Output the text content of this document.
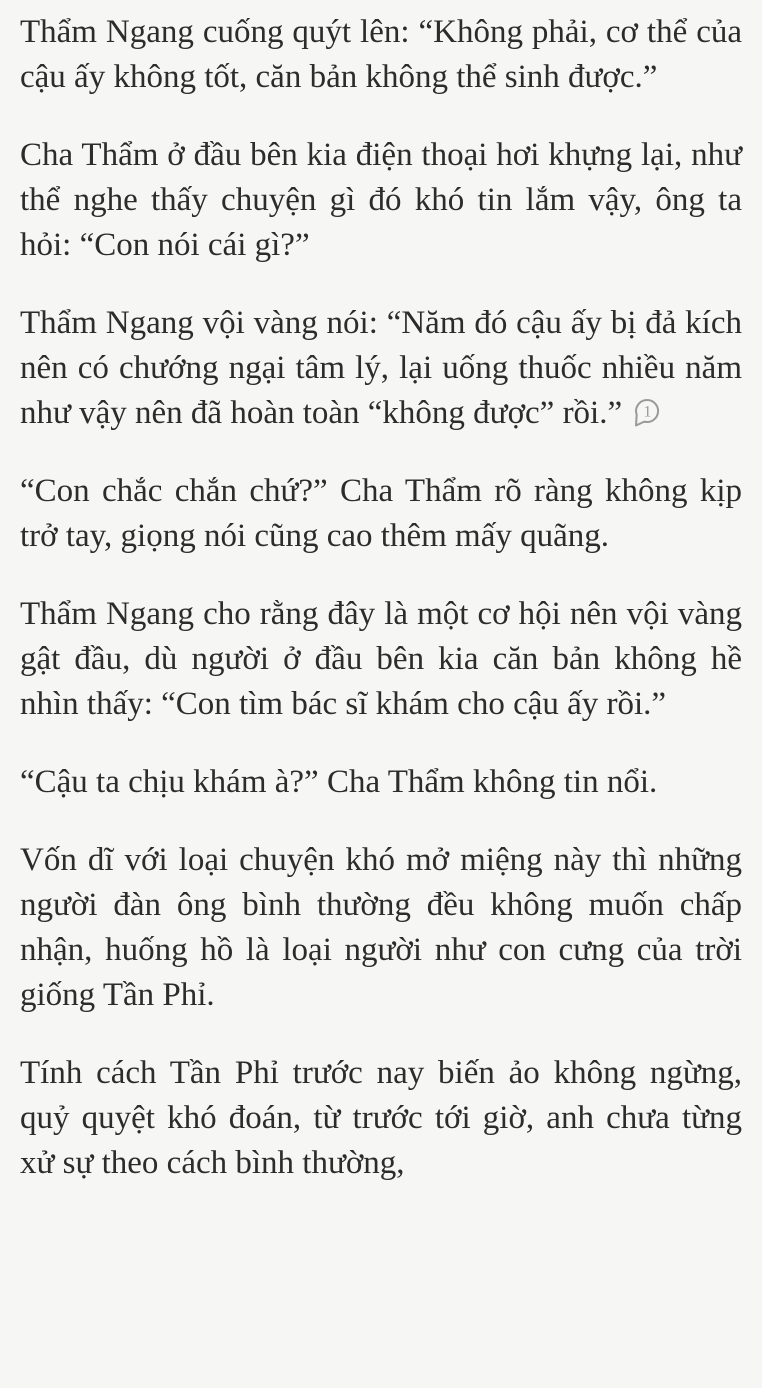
Thẩm Ngang cuống quýt lên: “Không phải, cơ thể của cậu ấy không tốt, căn bản không thể sinh được.”

Cha Thẩm ở đầu bên kia điện thoại hơi khựng lại, như thể nghe thấy chuyện gì đó khó tin lắm vậy, ông ta hỏi: “Con nói cái gì?”

Thẩm Ngang vội vàng nói: “Năm đó cậu ấy bị đả kích nên có chướng ngại tâm lý, lại uống thuốc nhiều năm như vậy nên đã hoàn toàn “không được” rồi.” 1

“Con chắc chắn chứ?” Cha Thẩm rõ ràng không kịp trở tay, giọng nói cũng cao thêm mấy quãng.

Thẩm Ngang cho rằng đây là một cơ hội nên vội vàng gật đầu, dù người ở đầu bên kia căn bản không hề nhìn thấy: “Con tìm bác sĩ khám cho cậu ấy rồi.”

“Cậu ta chịu khám à?” Cha Thẩm không tin nổi.

Vốn dĩ với loại chuyện khó mở miệng này thì những người đàn ông bình thường đều không muốn chấp nhận, huống hồ là loại người như con cưng của trời giống Tần Phỉ.

Tính cách Tần Phỉ trước nay biến ảo không ngừng, quỷ quyệt khó đoán, từ trước tới giờ, anh chưa từng xử sự theo cách bình thường,
